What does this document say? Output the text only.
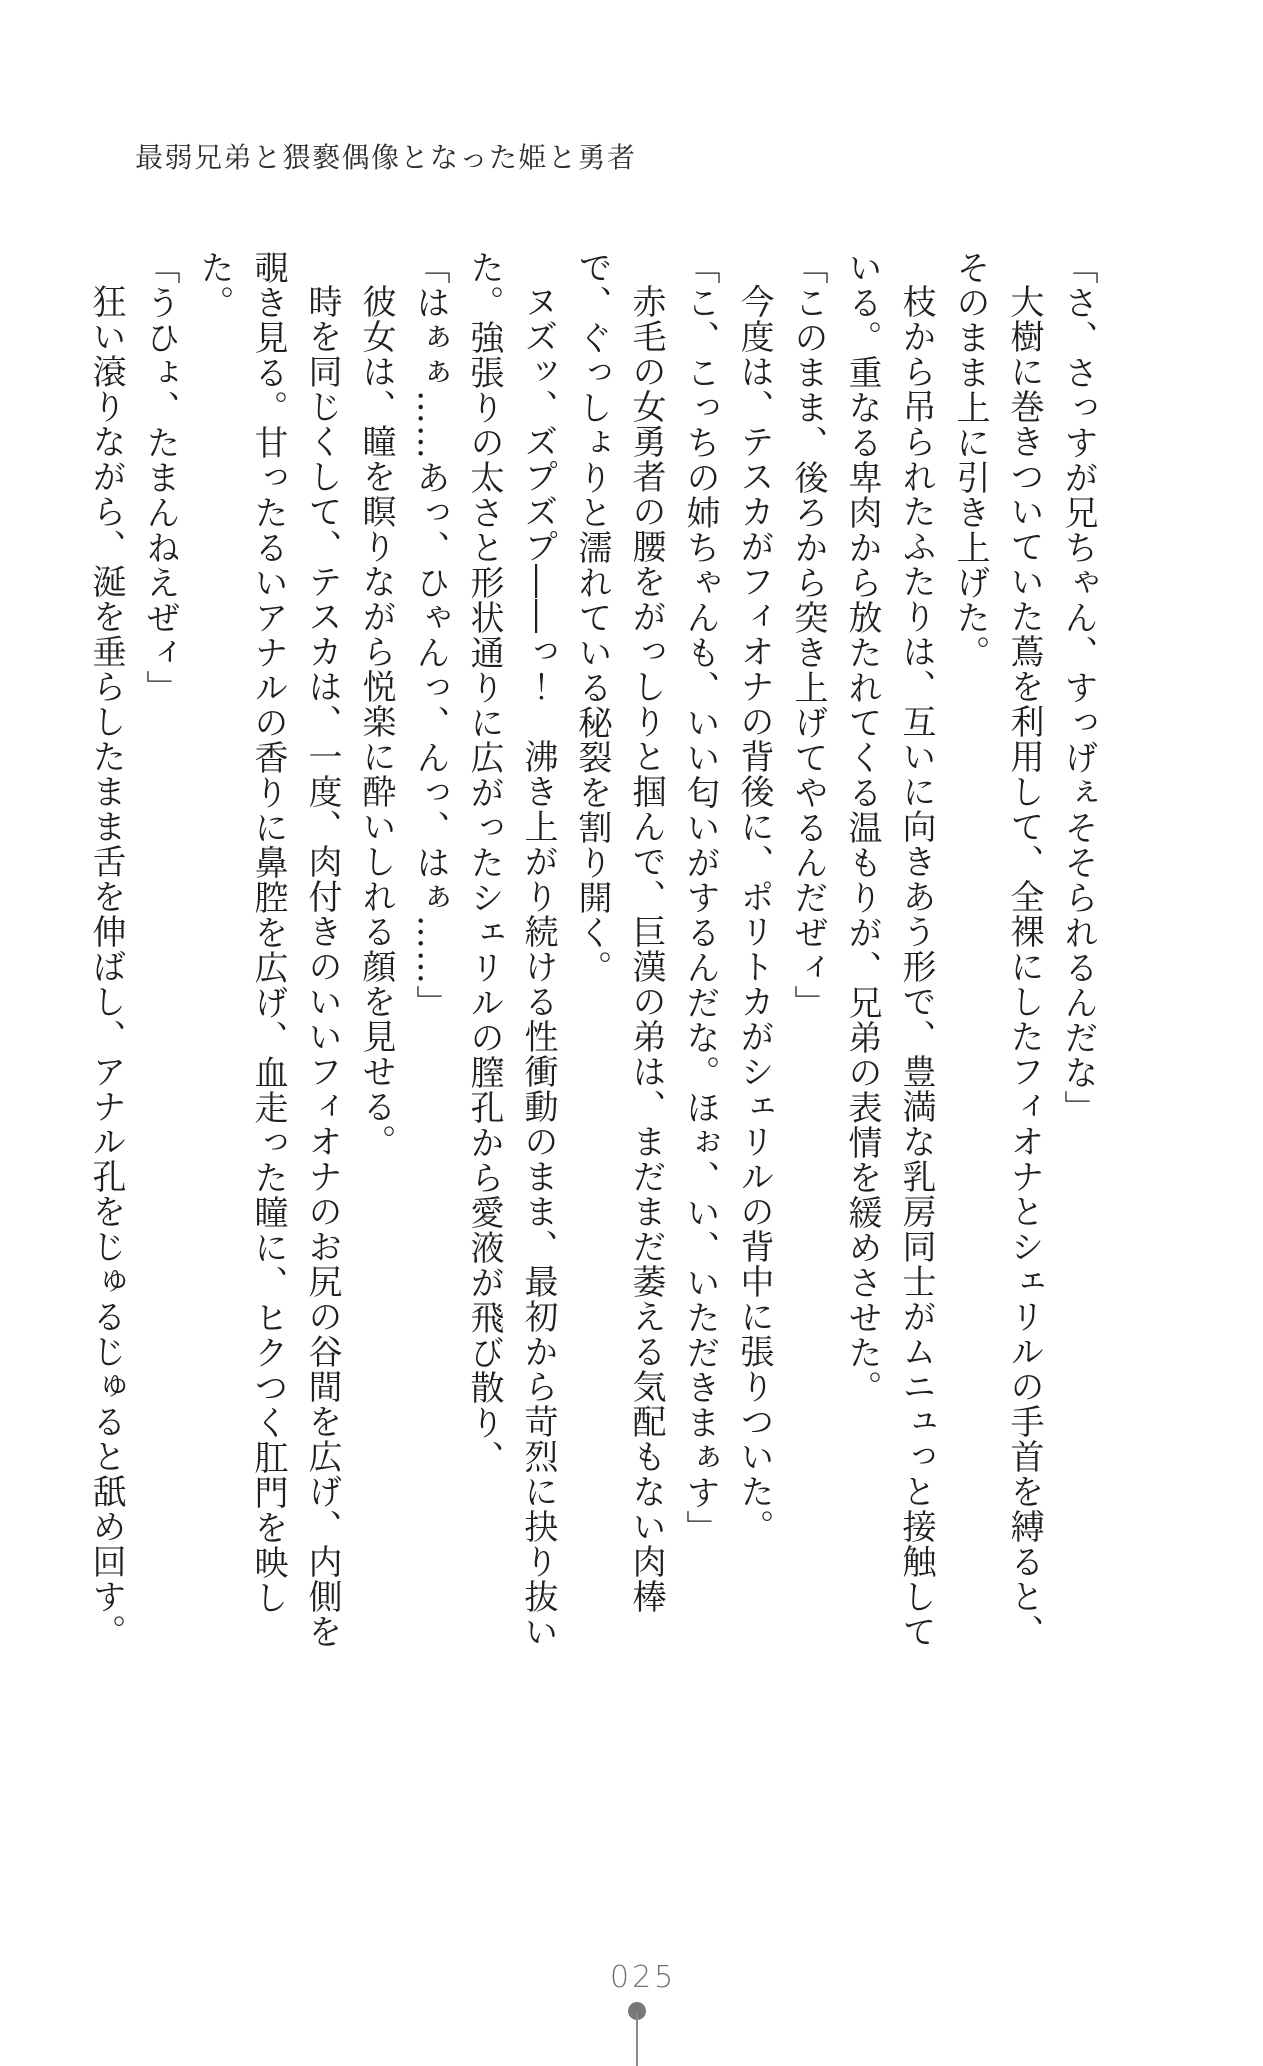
最弱兄弟と猥褻偶像となった姫と勇者

「さ、さっすが兄ちゃん、すっげぇそそられるんだな」

大樹に巻きついていた蔦を利用して、全裸にしたフィオナとシェリルの手首を縛ると、そのまま上に引き上げた。

枝から吊られたふたりは、互いに向きあう形で、豊満な乳房同士がムニュっと接触している。重なる卑肉から放たれてくる温もりが、兄弟の表情を緩めさせた。

「このまま、後ろから突き上げてやるんだぜィ」

今度は、テスカがフィオナの背後に、ポリトカがシェリルの背中に張りついた。

「こ、こっちの姉ちゃんも、いい匂いがするんだな。ほぉ、い、いただきまぁす」

赤毛の女勇者の腰をがっしりと掴んで、巨漢の弟は、まだまだ萎える気配もない肉棒で、ぐっしょりと濡れている秘裂を割り開く。

ヌズッ、ズプズプ――っ！　沸き上がり続ける性衝動のまま、最初から苛烈に抉り抜いた。強張りの太さと形状通りに広がったシェリルの膣孔から愛液が飛び散り、

「はぁぁ……あっ、ひゃんっ、んっ、はぁ……」

彼女は、瞳を瞑りながら悦楽に酔いしれる顔を見せる。

時を同じくして、テスカは、一度、肉付きのいいフィオナのお尻の谷間を広げ、内側を覗き見る。甘ったるいアナルの香りに鼻腔を広げ、血走った瞳に、ヒクつく肛門を映した。

「うひょ、たまんねえぜィ」

狂い滾りながら、涎を垂らしたまま舌を伸ばし、アナル孔をじゅるじゅると舐め回す。

025
